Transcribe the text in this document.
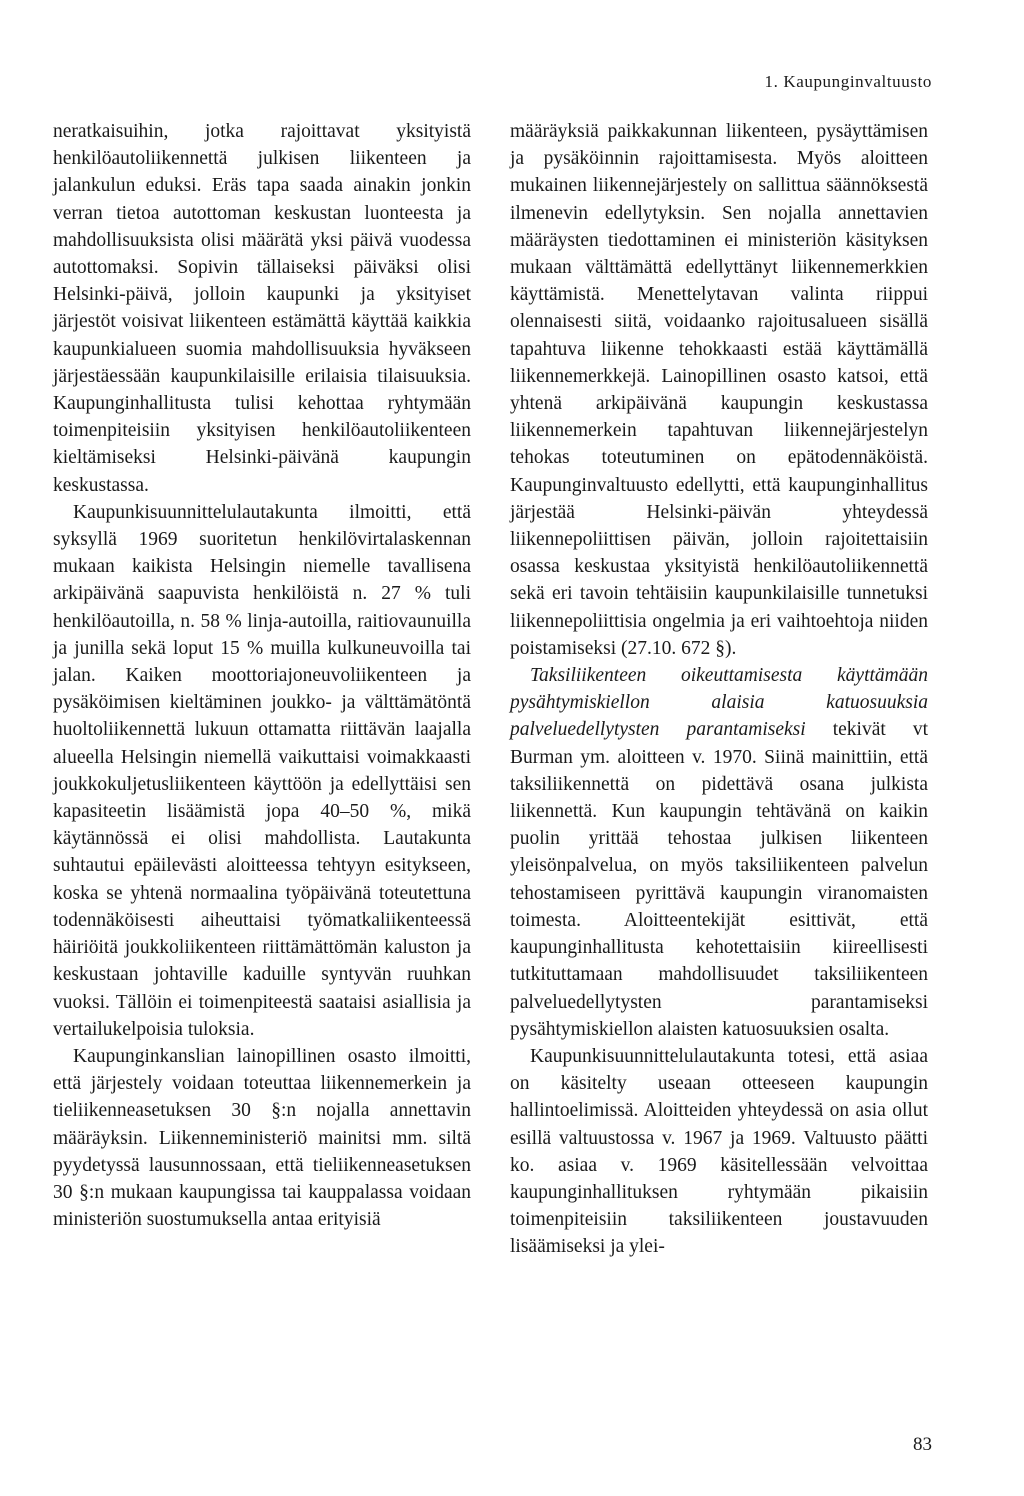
1. Kaupunginvaltuusto

neratkaisuihin, jotka rajoittavat yksityistä henkilöautoliikennettä julkisen liikenteen ja jalankulun eduksi. Eräs tapa saada ainakin jonkin verran tietoa autottoman keskustan luonteesta ja mahdollisuuksista olisi määrätä yksi päivä vuodessa autottomaksi. Sopivin tällaiseksi päiväksi olisi Helsinki-päivä, jolloin kaupunki ja yksityiset järjestöt voisivat liikenteen estämättä käyttää kaikkia kaupunkialueen suomia mahdollisuuksia hyväkseen järjestäessään kaupunkilaisille erilaisia tilaisuuksia. Kaupunginhallitusta tulisi kehottaa ryhtymään toimenpiteisiin yksityisen henkilöautoliikenteen kieltämiseksi Helsinki-päivänä kaupungin keskustassa.

Kaupunkisuunnittelulautakunta ilmoitti, että syksyllä 1969 suoritetun henkilövirtalaskennan mukaan kaikista Helsingin niemelle tavallisena arkipäivänä saapuvista henkilöistä n. 27 % tuli henkilöautoilla, n. 58 % linja-autoilla, raitiovaunuilla ja junilla sekä loput 15 % muilla kulkuneuvoilla tai jalan. Kaiken moottoriajoneuvoliikenteen ja pysäköimisen kieltäminen joukko- ja välttämätöntä huoltoliikennettä lukuun ottamatta riittävän laajalla alueella Helsingin niemellä vaikuttaisi voimakkaasti joukkokuljetusliikenteen käyttöön ja edellyttäisi sen kapasiteetin lisäämistä jopa 40–50 %, mikä käytännössä ei olisi mahdollista. Lautakunta suhtautui epäilevästi aloitteessa tehtyyn esitykseen, koska se yhtenä normaalina työpäivänä toteutettuna todennäköisesti aiheuttaisi työmatkaliikenteessä häiriöitä joukkoliikenteen riittämättömän kaluston ja keskustaan johtaville kaduille syntyvän ruuhkan vuoksi. Tällöin ei toimenpiteestä saataisi asiallisia ja vertailukelpoisia tuloksia.

Kaupunginkanslian lainopillinen osasto ilmoitti, että järjestely voidaan toteuttaa liikennemerkein ja tieliikenneasetuksen 30 §:n nojalla annettavin määräyksin. Liikenneministeriö mainitsi mm. siltä pyydetyssä lausunnossaan, että tieliikenneasetuksen 30 §:n mukaan kaupungissa tai kauppalassa voidaan ministeriön suostumuksella antaa erityisiä

määräyksiä paikkakunnan liikenteen, pysäyttämisen ja pysäköinnin rajoittamisesta. Myös aloitteen mukainen liikennejärjestely on sallittua säännöksestä ilmenevin edellytyksin. Sen nojalla annettavien määräysten tiedottaminen ei ministeriön käsityksen mukaan välttämättä edellyttänyt liikennemerkkien käyttämistä. Menettelytavan valinta riippui olennaisesti siitä, voidaanko rajoitusalueen sisällä tapahtuva liikenne tehokkaasti estää käyttämällä liikennemerkkejä. Lainopillinen osasto katsoi, että yhtenä arkipäivänä kaupungin keskustassa liikennemerkein tapahtuvan liikennejärjestelyn tehokas toteutuminen on epätodennäköistä. Kaupunginvaltuusto edellytti, että kaupunginhallitus järjestää Helsinki-päivän yhteydessä liikennepoliittisen päivän, jolloin rajoitettaisiin osassa keskustaa yksityistä henkilöautoliikennettä sekä eri tavoin tehtäisiin kaupunkilaisille tunnetuksi liikennepoliittisia ongelmia ja eri vaihtoehtoja niiden poistamiseksi (27.10. 672 §).

Taksiliikenteen oikeuttamisesta käyttämään pysähtymiskiellon alaisia katuosuuksia palveluedellytysten parantamiseksi tekivät vt Burman ym. aloitteen v. 1970. Siinä mainittiin, että taksiliikennettä on pidettävä osana julkista liikennettä. Kun kaupungin tehtävänä on kaikin puolin yrittää tehostaa julkisen liikenteen yleisönpalvelua, on myös taksiliikenteen palvelun tehostamiseen pyrittävä kaupungin viranomaisten toimesta. Aloitteentekijät esittivät, että kaupunginhallitusta kehotettaisiin kiireellisesti tutkituttamaan mahdollisuudet taksiliikenteen palveluedellytysten parantamiseksi pysähtymiskiellon alaisten katuosuuksien osalta.

Kaupunkisuunnittelulautakunta totesi, että asiaa on käsitelty useaan otteeseen kaupungin hallintoelimissä. Aloitteiden yhteydessä on asia ollut esillä valtuustossa v. 1967 ja 1969. Valtuusto päätti ko. asiaa v. 1969 käsitellessään velvoittaa kaupunginhallituksen ryhtymään pikaisiin toimenpiteisiin taksiliikenteen joustavuuden lisäämiseksi ja ylei-

83
